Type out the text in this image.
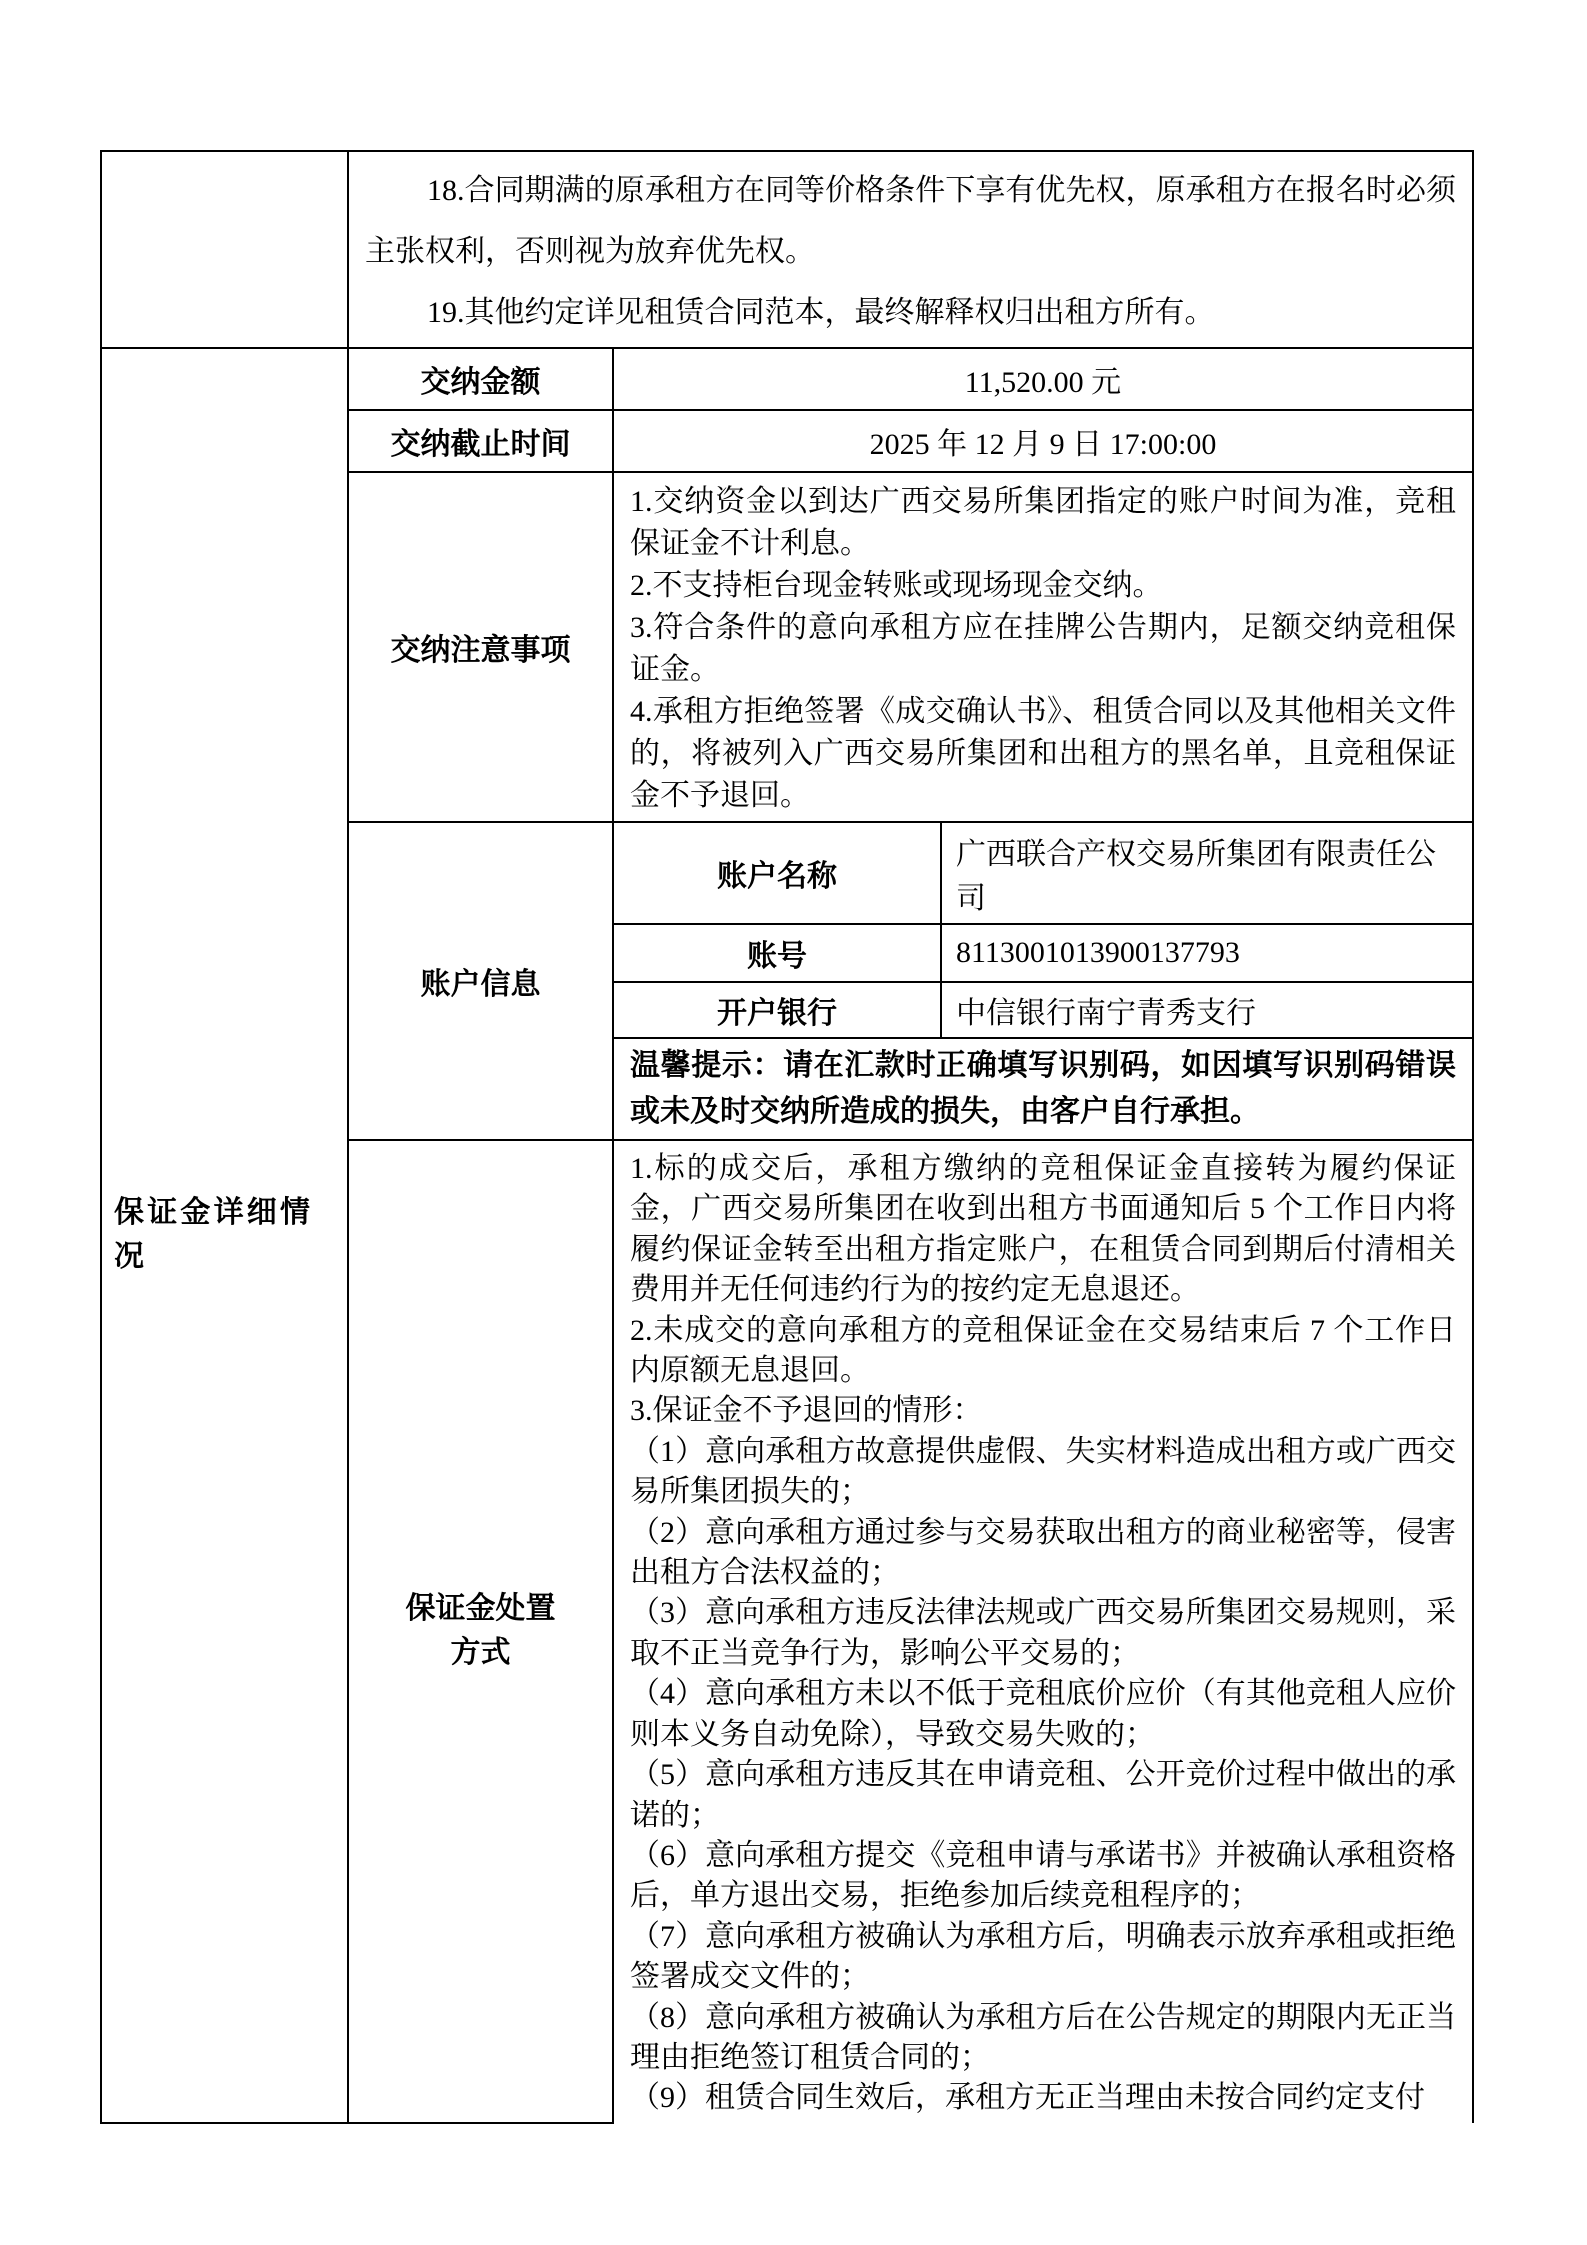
	18.合同期满的原承租方在同等价格条件下享有优先权，原承租方在报名时必须主张权利，否则视为放弃优先权。

19.其他约定详见租赁合同范本，最终解释权归出租方所有。		

保证金详细情况	交纳金额	11,520.00 元	
	交纳截止时间	2025 年 12 月 9 日 17:00:00	
	交纳注意事项	1.交纳资金以到达广西交易所集团指定的账户时间为准，竞租保证金不计利息。

2.不支持柜台现金转账或现场现金交纳。

3.符合条件的意向承租方应在挂牌公告期内，足额交纳竞租保证金。

4.承租方拒绝签署《成交确认书》、租赁合同以及其他相关文件的，将被列入广西交易所集团和出租方的黑名单，且竞租保证金不予退回。	

	账户信息	账户名称	广西联合产权交易所集团有限责任公司
		账号	8113001013900137793
		开户银行	中信银行南宁青秀支行

		温馨提示：请在汇款时正确填写识别码，如因填写识别码错误或未及时交纳所造成的损失，由客户自行承担。	

保证金处置方式	

1.标的成交后，承租方缴纳的竞租保证金直接转为履约保证金，广西交易所集团在收到出租方书面通知后 5 个工作日内将履约保证金转至出租方指定账户，在租赁合同到期后付清相关费用并无任何违约行为的按约定无息退还。

2.未成交的意向承租方的竞租保证金在交易结束后 7 个工作日内原额无息退回。

3.保证金不予退回的情形：

（1）意向承租方故意提供虚假、失实材料造成出租方或广西交易所集团损失的；

（2）意向承租方通过参与交易获取出租方的商业秘密等，侵害出租方合法权益的；

（3）意向承租方违反法律法规或广西交易所集团交易规则，采取不正当竞争行为，影响公平交易的；

（4）意向承租方未以不低于竞租底价应价（有其他竞租人应价则本义务自动免除），导致交易失败的；

（5）意向承租方违反其在申请竞租、公开竞价过程中做出的承诺的；

（6）意向承租方提交《竞租申请与承诺书》并被确认承租资格后，单方退出交易，拒绝参加后续竞租程序的；

（7）意向承租方被确认为承租方后，明确表示放弃承租或拒绝签署成交文件的；

（8）意向承租方被确认为承租方后在公告规定的期限内无正当理由拒绝签订租赁合同的；

（9）租赁合同生效后，承租方无正当理由未按合同约定支付
